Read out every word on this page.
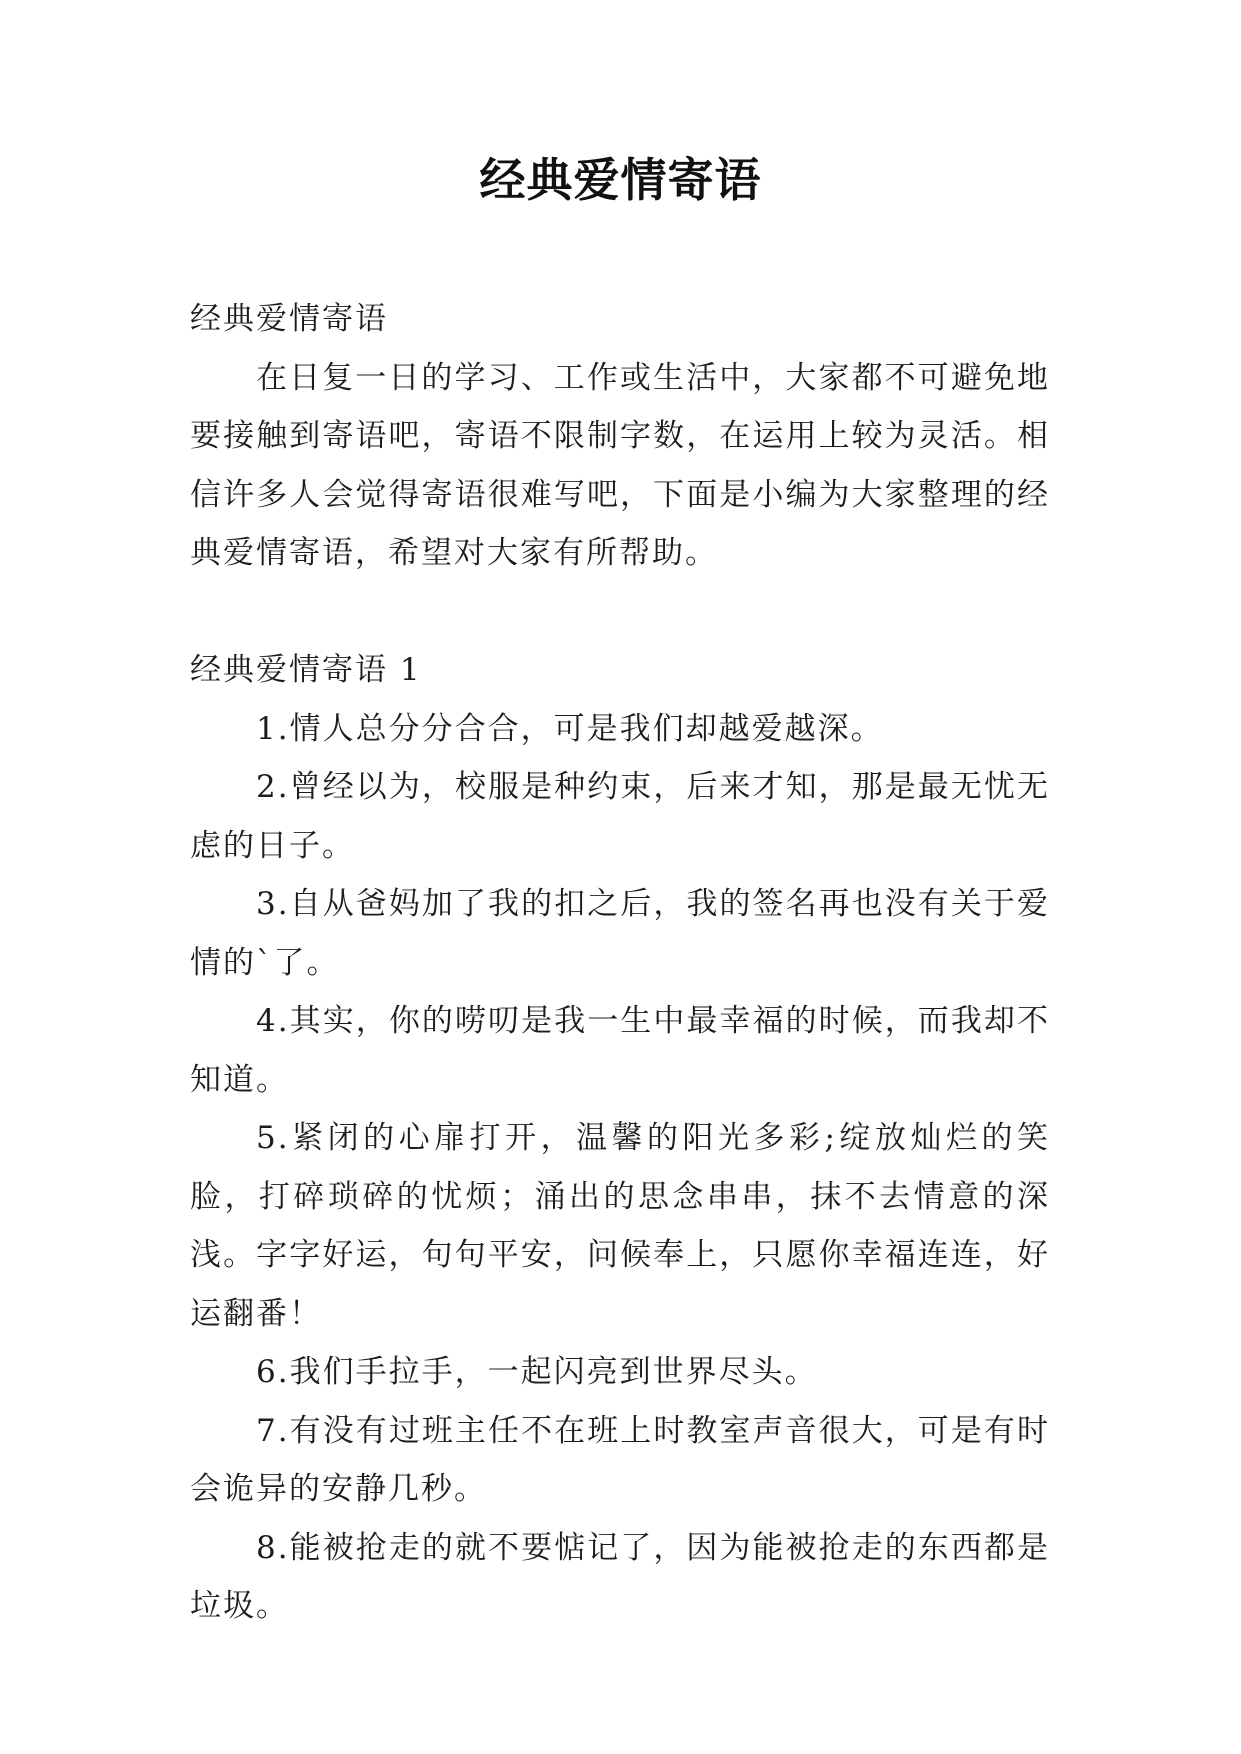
经典爱情寄语

经典爱情寄语

在日复一日的学习、工作或生活中，大家都不可避免地要接触到寄语吧，寄语不限制字数，在运用上较为灵活。相信许多人会觉得寄语很难写吧，下面是小编为大家整理的经典爱情寄语，希望对大家有所帮助。

经典爱情寄语 1

1.情人总分分合合，可是我们却越爱越深。

2.曾经以为，校服是种约束，后来才知，那是最无忧无虑的日子。

3.自从爸妈加了我的扣之后，我的签名再也没有关于爱情的`了。

4.其实，你的唠叨是我一生中最幸福的时候，而我却不知道。

5.紧闭的心扉打开，温馨的阳光多彩;绽放灿烂的笑脸，打碎琐碎的忧烦；涌出的思念串串，抹不去情意的深浅。字字好运，句句平安，问候奉上，只愿你幸福连连，好运翻番！

6.我们手拉手，一起闪亮到世界尽头。

7.有没有过班主任不在班上时教室声音很大，可是有时会诡异的安静几秒。

8.能被抢走的就不要惦记了，因为能被抢走的东西都是垃圾。
